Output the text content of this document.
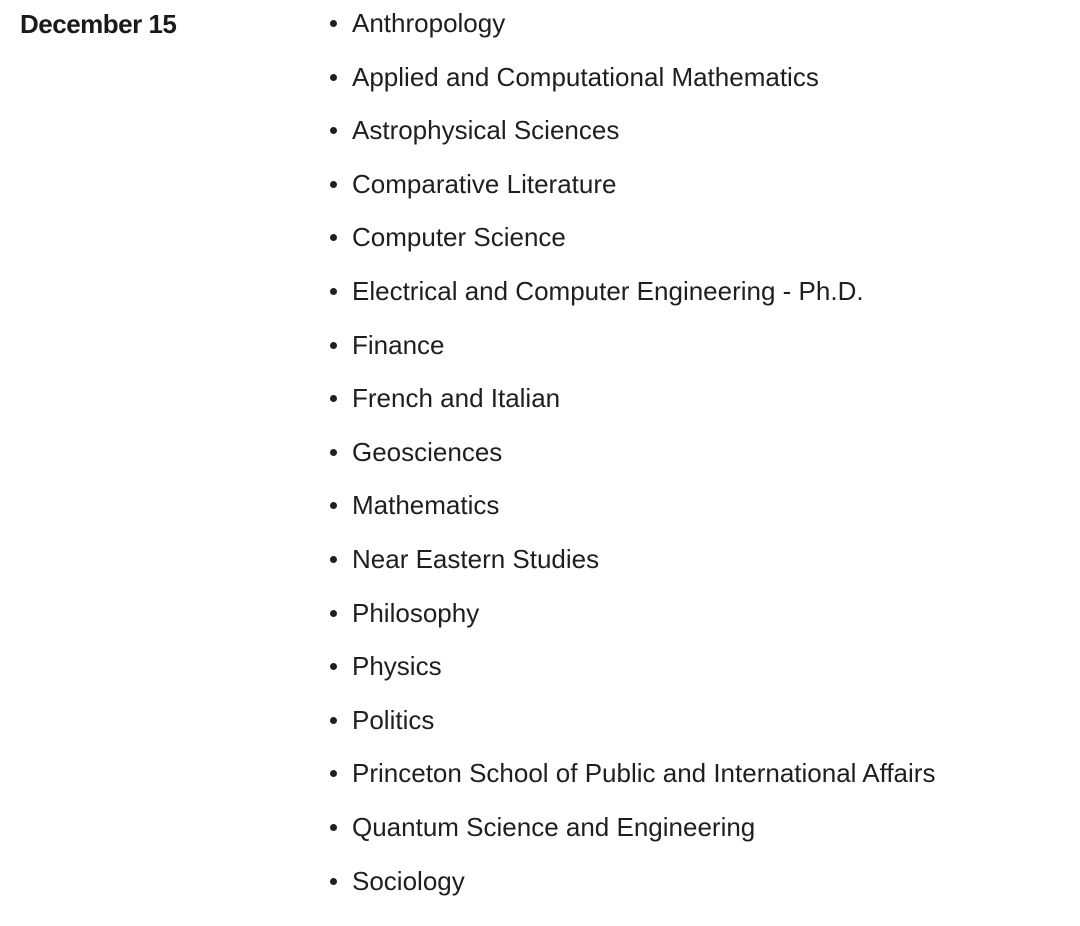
December 15	Anthropology
Applied and Computational Mathematics
Astrophysical Sciences
Comparative Literature
Computer Science
Electrical and Computer Engineering - Ph.D.
Finance
French and Italian
Geosciences
Mathematics
Near Eastern Studies
Philosophy
Physics
Politics
Princeton School of Public and International Affairs
Quantum Science and Engineering
Sociology
